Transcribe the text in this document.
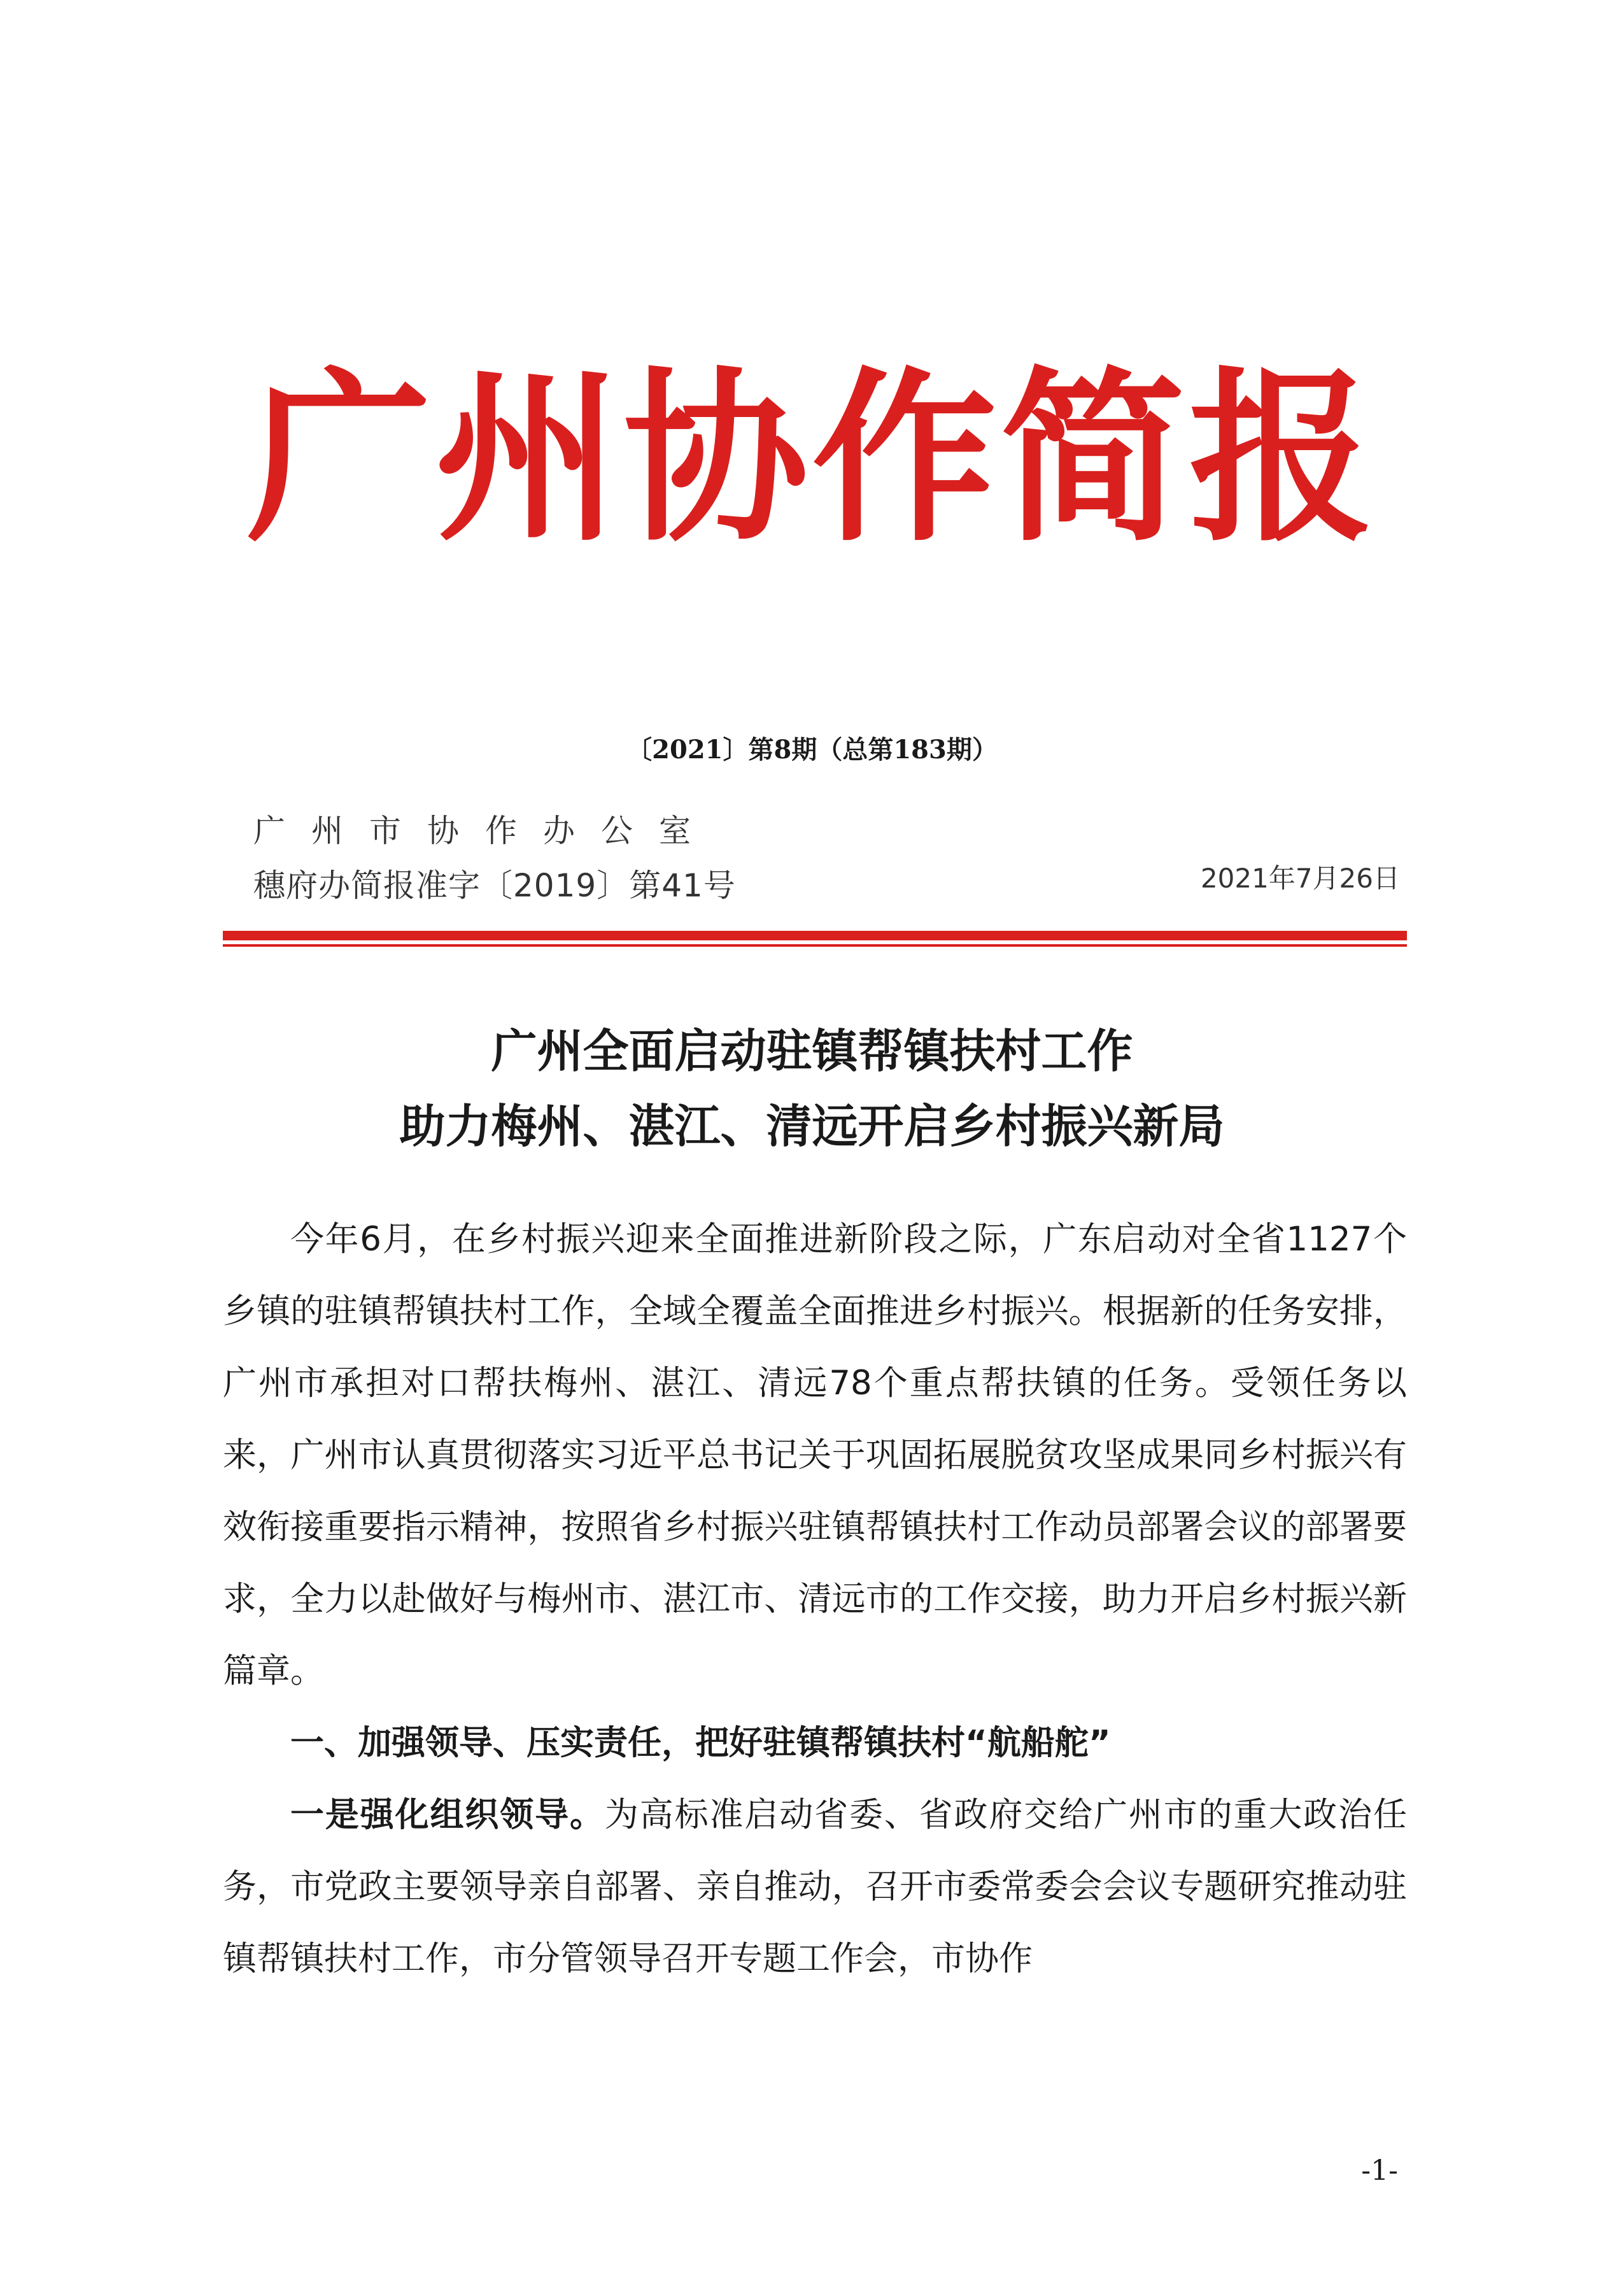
广州协作简报
〔2021〕第8期（总第183期）
广州市协作办公室
穗府办简报准字〔2019〕第41号	2021年7月26日
广州全面启动驻镇帮镇扶村工作
助力梅州、湛江、清远开启乡村振兴新局

今年6月，在乡村振兴迎来全面推进新阶段之际，广东启动对全省1127个乡镇的驻镇帮镇扶村工作，全域全覆盖全面推进乡村振兴。根据新的任务安排，广州市承担对口帮扶梅州、湛江、清远78个重点帮扶镇的任务。受领任务以来，广州市认真贯彻落实习近平总书记关于巩固拓展脱贫攻坚成果同乡村振兴有效衔接重要指示精神，按照省乡村振兴驻镇帮镇扶村工作动员部署会议的部署要求，全力以赴做好与梅州市、湛江市、清远市的工作交接，助力开启乡村振兴新篇章。

一、加强领导、压实责任，把好驻镇帮镇扶村“航船舵”

一是强化组织领导。为高标准启动省委、省政府交给广州市的重大政治任务，市党政主要领导亲自部署、亲自推动，召开市委常委会会议专题研究推动驻镇帮镇扶村工作，市分管领导召开专题工作会，市协作

-1-
